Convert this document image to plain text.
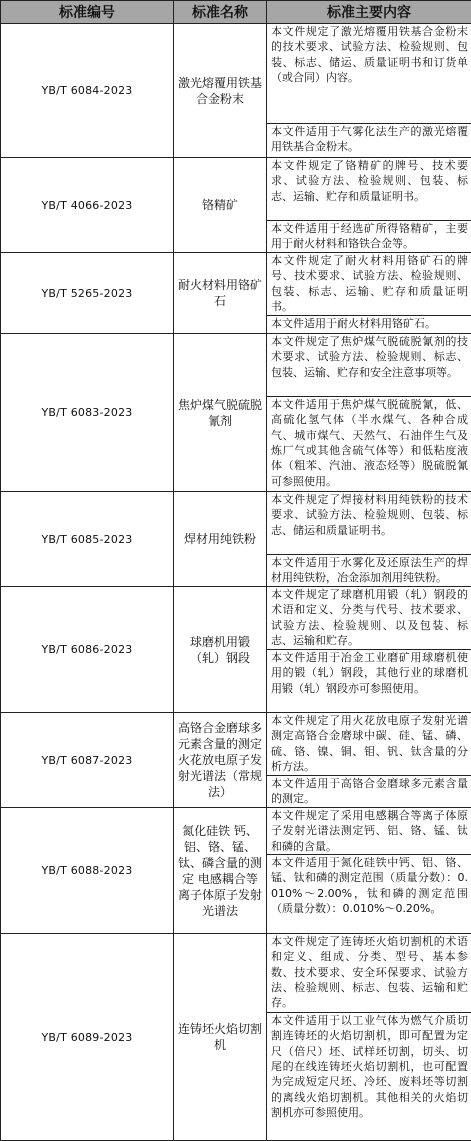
标准编号	标准名称	标准主要内容
YB/T 6084-2023	激光熔覆用铁基合金粉末	本文件规定了激光熔覆用铁基合金粉末的技术要求、试验方法、检验规则、包装、标志、储运、质量证明书和订货单（或合同）内容。
		本文件适用于气雾化法生产的激光熔覆用铁基合金粉末。
YB/T 4066-2023	铬精矿	本文件规定了铬精矿的牌号、技术要求、试验方法、检验规则、包装、标志、运输、贮存和质量证明书。
		本文件适用于经选矿所得铬精矿，主要用于耐火材料和铬铁合金等。
YB/T 5265-2023	耐火材料用铬矿石	本文件规定了耐火材料用铬矿石的牌号、技术要求、试验方法、检验规则、包装、标志、运输、贮存和质量证明书。
		本文件适用于耐火材料用铬矿石。
YB/T 6083-2023	焦炉煤气脱硫脱氰剂	本文件规定了焦炉煤气脱硫脱氰剂的技术要求、试验方法、检验规则、标志、包装、运输、贮存和安全注意事项等。
		本文件适用于焦炉煤气脱硫脱氰，低、高硫化氢气体（半水煤气、各种合成气、城市煤气、天然气、石油伴生气及炼厂气或其他含硫气体等）和低粘度液体（粗苯、汽油、液态烃等）脱硫脱氰可参照使用。
YB/T 6085-2023	焊材用纯铁粉	本文件规定了焊接材料用纯铁粉的技术要求、试验方法、检验规则、包装、标志、储运和质量证明书。
		本文件适用于水雾化及还原法生产的焊材用纯铁粉，冶金添加剂用纯铁粉。
YB/T 6086-2023	球磨机用锻（轧）钢段	本文件规定了球磨机用锻（轧）钢段的术语和定义、分类与代号、技术要求、试验方法、检验规则、以及包装、标志、运输和贮存。
		本文件适用于冶金工业磨矿用球磨机使用的锻（轧）钢段，其他行业的球磨机用锻（轧）钢段亦可参照使用。
YB/T 6087-2023	高铬合金磨球多元素含量的测定 火花放电原子发射光谱法（常规法）	本文件规定了用火花放电原子发射光谱测定高铬合金磨球中碳、硅、锰、磷、硫、铬、镍、铜、钼、钒、钛含量的分析方法。
		本文件适用于高铬合金磨球多元素含量的测定。
YB/T 6088-2023	氮化硅铁 钙、铝、铬、锰、钛、磷含量的测定 电感耦合等离子体原子发射光谱法	本文件规定了采用电感耦合等离子体原子发射光谱法测定钙、铝、铬、锰、钛和磷的含量。
		本文件适用于氮化硅铁中钙、铝、铬、锰、钛和磷的测定范围（质量分数）：0.010%～2.00%，钛和磷的测定范围（质量分数）：0.010%～0.20%。
YB/T 6089-2023	连铸坯火焰切割机	本文件规定了连铸坯火焰切割机的术语和定义、组成、分类、型号、基本参数、技术要求、安全环保要求、试验方法、检验规则、标志、包装、运输和贮存。
		本文件适用于以工业气体为燃气介质切割连铸坯的火焰切割机，即可配置为定尺（倍尺）坯、试样坯切割，切头、切尾的在线连铸坯火焰切割机，也可配置为完成短定尺坯、冷坯、废料坯等切割的离线火焰切割机。其他相关的火焰切割机亦可参照使用。
